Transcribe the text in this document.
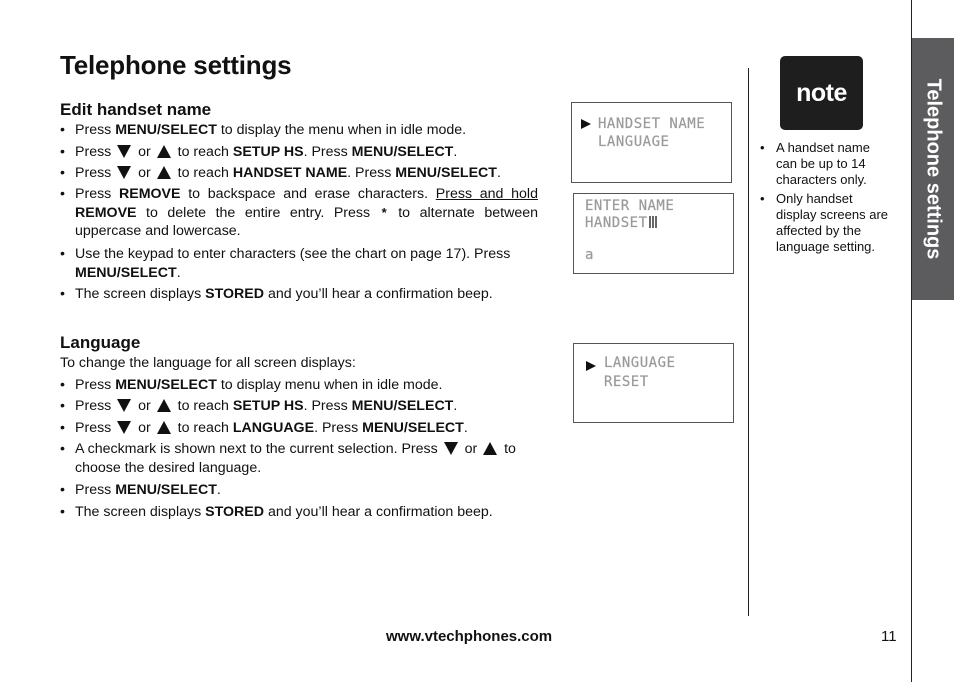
Telephone settings
Edit handset name
• Press MENU/SELECT to display the menu when in idle mode.
• Press  or  to reach SETUP HS. Press MENU/SELECT.
• Press  or  to reach HANDSET NAME. Press MENU/SELECT.
• Press REMOVE to backspace and erase characters. Press and hold REMOVE to delete the entire entry. Press * to alternate between uppercase and lowercase.
• Use the keypad to enter characters (see the chart on page 17). Press MENU/SELECT.
• The screen displays STORED and you’ll hear a confirmation beep.
Language
To change the language for all screen displays:
• Press MENU/SELECT to display menu when in idle mode.
• Press  or  to reach SETUP HS. Press MENU/SELECT.
• Press  or  to reach LANGUAGE. Press MENU/SELECT.
• A checkmark is shown next to the current selection. Press  or  to choose the desired language.
• Press MENU/SELECT.
• The screen displays STORED and you’ll hear a confirmation beep.
HANDSET NAME
LANGUAGE
ENTER NAME
HANDSET
a
LANGUAGE
RESET
Telephone settings
note
• A handset name can be up to 14 characters only.
• Only handset display screens are affected by the language setting.
www.vtechphones.com	11
